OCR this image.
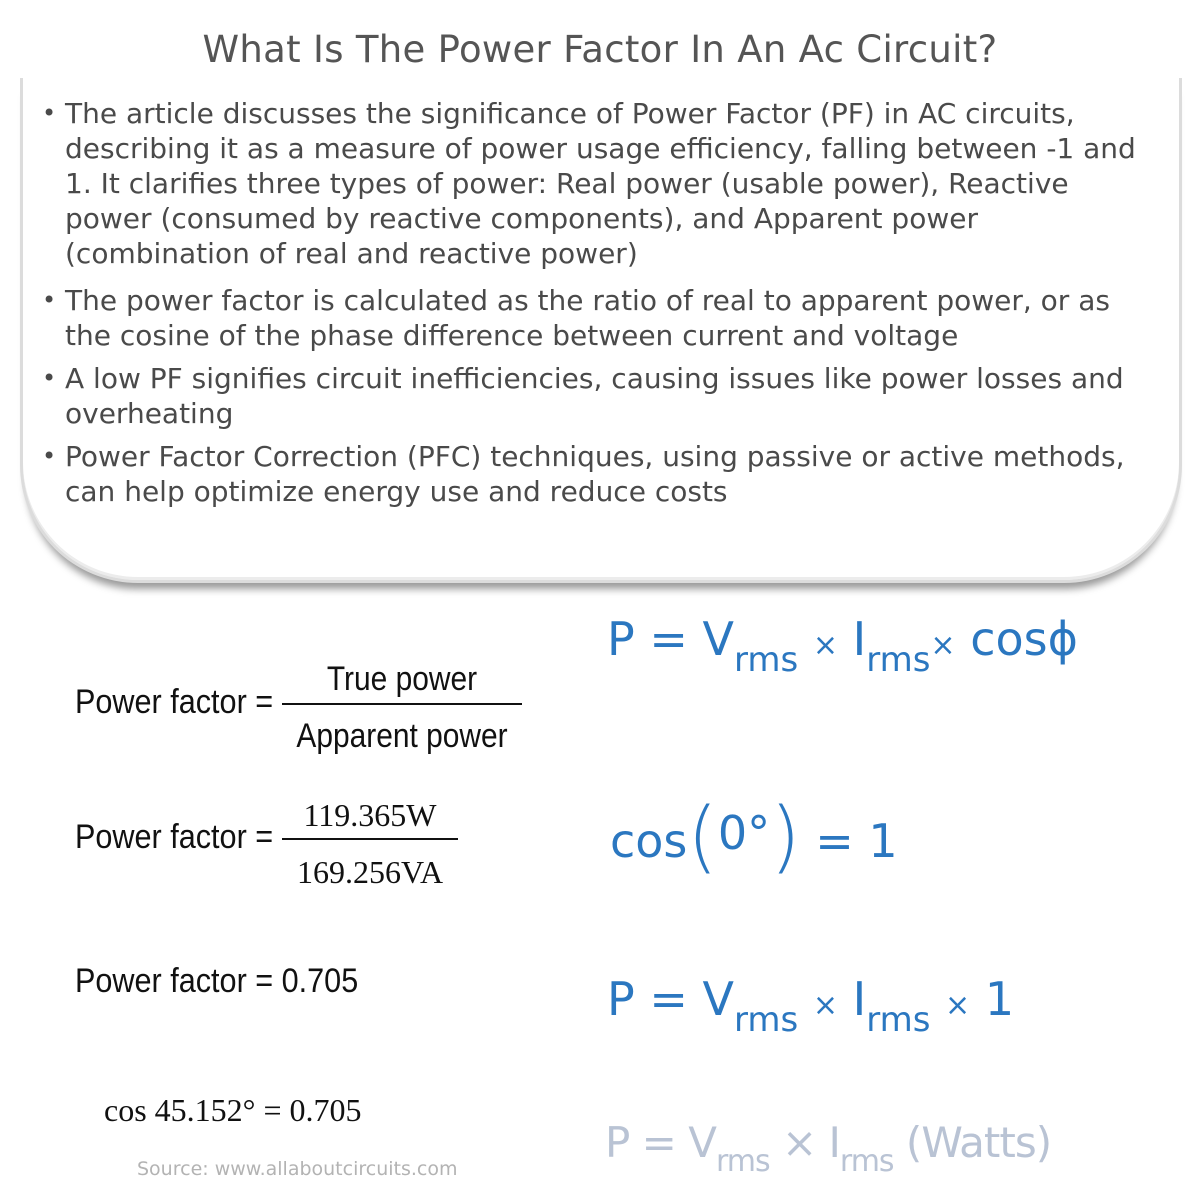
What Is The Power Factor In An Ac Circuit?
• The article discusses the significance of Power Factor (PF) in AC circuits, describing it as a measure of power usage efficiency, falling between -1 and 1. It clarifies three types of power: Real power (usable power), Reactive power (consumed by reactive components), and Apparent power (combination of real and reactive power)
• The power factor is calculated as the ratio of real to apparent power, or as the cosine of the phase difference between current and voltage
• A low PF signifies circuit inefficiencies, causing issues like power losses and overheating
• Power Factor Correction (PFC) techniques, using passive or active methods, can help optimize energy use and reduce costs
Power factor =
True power
Apparent power
Power factor =
119.365W
169.256VA
Power factor = 0.705
cos 45.152° = 0.705
$P = V_{rms} \times I_{rms}\times \cos\phi$
cos(0°) = 1
$P = V_{rms} \times I_{rms} \times 1$
$P = V_{rms} \times I_{rms}$ (Watts)
Source: www.allaboutcircuits.com
